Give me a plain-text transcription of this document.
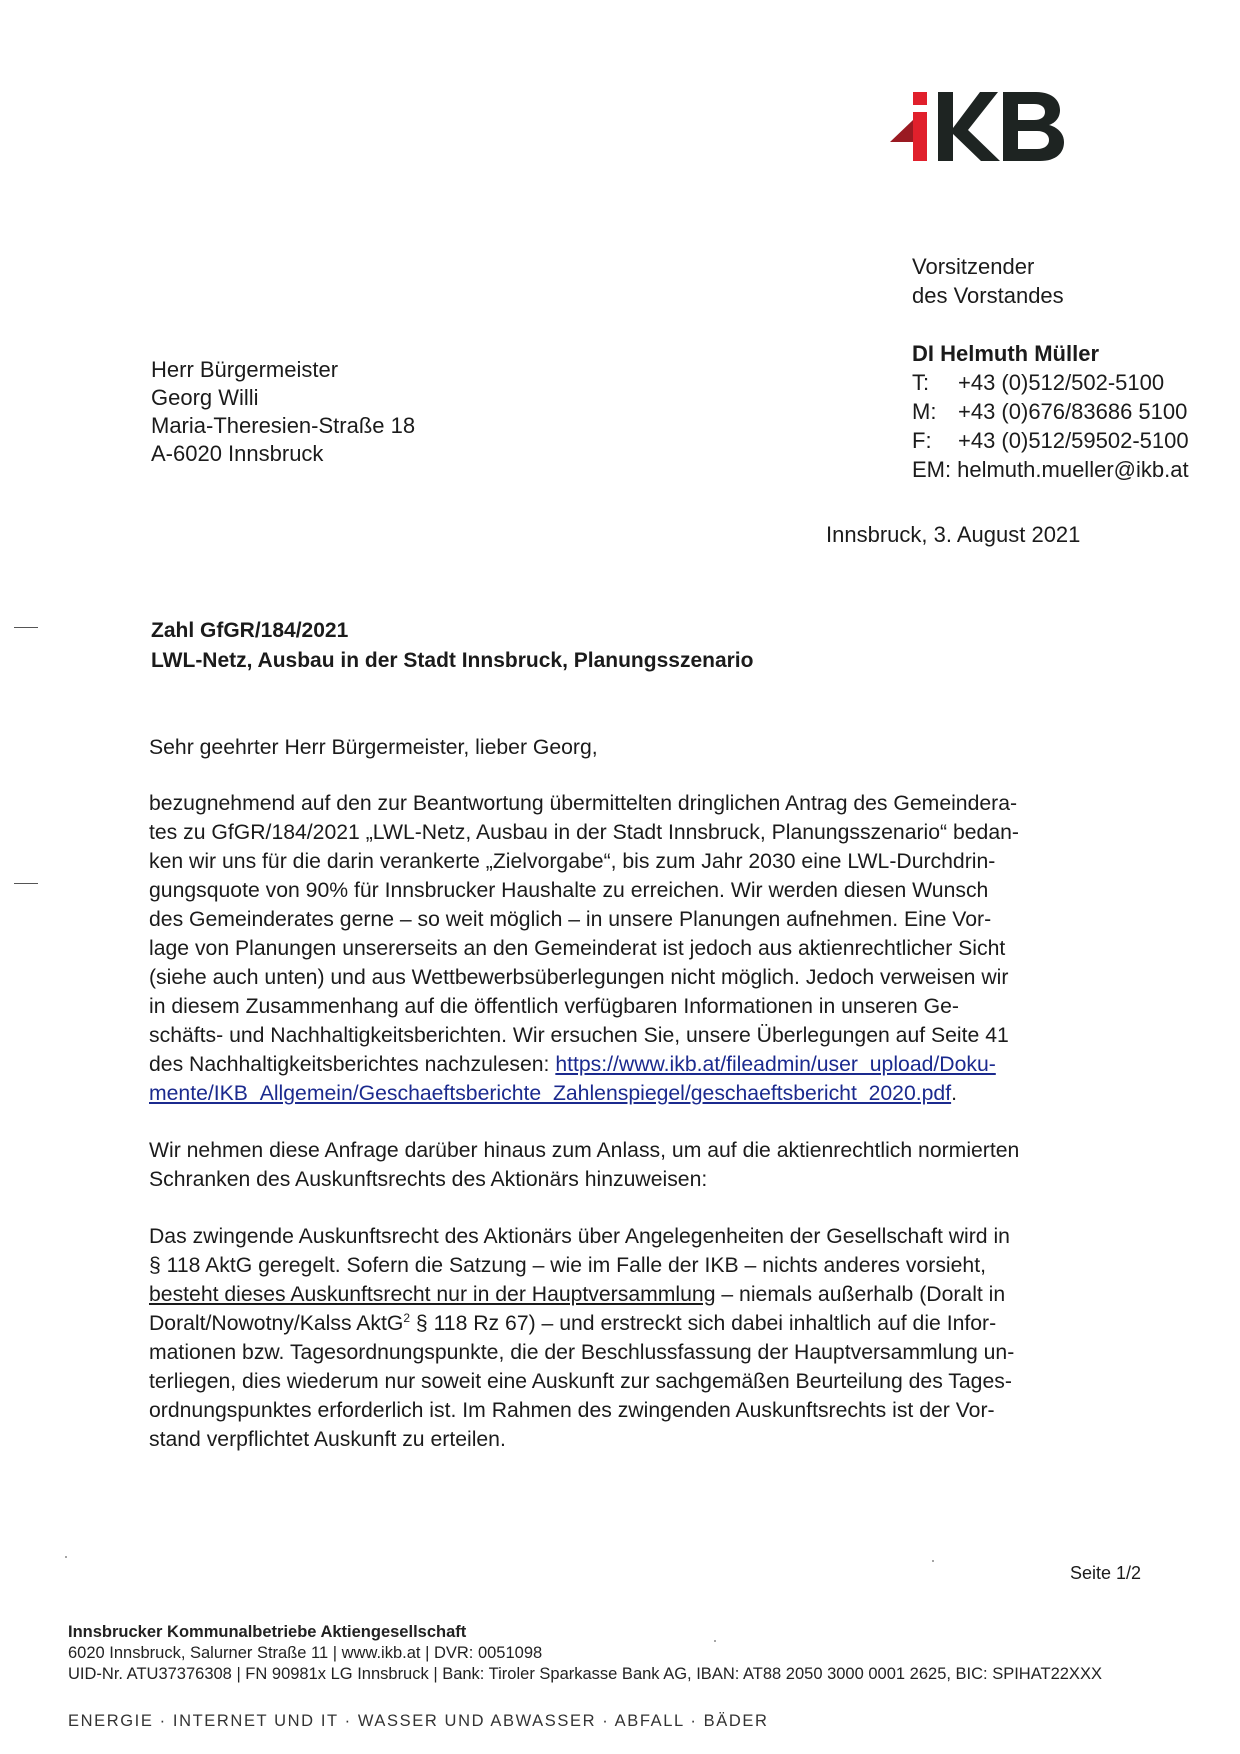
Vorsitzender
des Vorstandes
DI Helmuth Müller
T:	+43 (0)512/502-5100
M: +43 (0)676/83686 5100
F:	+43 (0)512/59502-5100
EM: helmuth.mueller@ikb.at
Herr Bürgermeister
Georg Willi
Maria-Theresien-Straße 18
A-6020 Innsbruck
Innsbruck, 3. August 2021
Zahl GfGR/184/2021
LWL-Netz, Ausbau in der Stadt Innsbruck, Planungsszenario

Sehr geehrter Herr Bürgermeister, lieber Georg,

bezugnehmend auf den zur Beantwortung übermittelten dringlichen Antrag des Gemeindera-
tes zu GfGR/184/2021 „LWL-Netz, Ausbau in der Stadt Innsbruck, Planungsszenario“ bedan-
ken wir uns für die darin verankerte „Zielvorgabe“, bis zum Jahr 2030 eine LWL-Durchdrin-
gungsquote von 90% für Innsbrucker Haushalte zu erreichen. Wir werden diesen Wunsch
des Gemeinderates gerne – so weit möglich – in unsere Planungen aufnehmen. Eine Vor-
lage von Planungen unsererseits an den Gemeinderat ist jedoch aus aktienrechtlicher Sicht
(siehe auch unten) und aus Wettbewerbsüberlegungen nicht möglich. Jedoch verweisen wir
in diesem Zusammenhang auf die öffentlich verfügbaren Informationen in unseren Ge-
schäfts- und Nachhaltigkeitsberichten. Wir ersuchen Sie, unsere Überlegungen auf Seite 41
des Nachhaltigkeitsberichtes nachzulesen: https://www.ikb.at/fileadmin/user_upload/Doku-
mente/IKB_Allgemein/Geschaeftsberichte_Zahlenspiegel/geschaeftsbericht_2020.pdf.

Wir nehmen diese Anfrage darüber hinaus zum Anlass, um auf die aktienrechtlich normierten
Schranken des Auskunftsrechts des Aktionärs hinzuweisen:

Das zwingende Auskunftsrecht des Aktionärs über Angelegenheiten der Gesellschaft wird in
§ 118 AktG geregelt. Sofern die Satzung – wie im Falle der IKB – nichts anderes vorsieht,
besteht dieses Auskunftsrecht nur in der Hauptversammlung – niemals außerhalb (Doralt in
Doralt/Nowotny/Kalss AktG$^2$ § 118 Rz 67) – und erstreckt sich dabei inhaltlich auf die Infor-
mationen bzw. Tagesordnungspunkte, die der Beschlussfassung der Hauptversammlung un-
terliegen, dies wiederum nur soweit eine Auskunft zur sachgemäßen Beurteilung des Tages-
ordnungspunktes erforderlich ist. Im Rahmen des zwingenden Auskunftsrechts ist der Vor-
stand verpflichtet Auskunft zu erteilen.

Seite 1/2
Innsbrucker Kommunalbetriebe Aktiengesellschaft
6020 Innsbruck, Salurner Straße 11 | www.ikb.at | DVR: 0051098
UID-Nr. ATU37376308 | FN 90981x LG Innsbruck | Bank: Tiroler Sparkasse Bank AG, IBAN: AT88 2050 3000 0001 2625, BIC: SPIHAT22XXX
ENERGIE · INTERNET UND IT · WASSER UND ABWASSER · ABFALL · BÄDER
